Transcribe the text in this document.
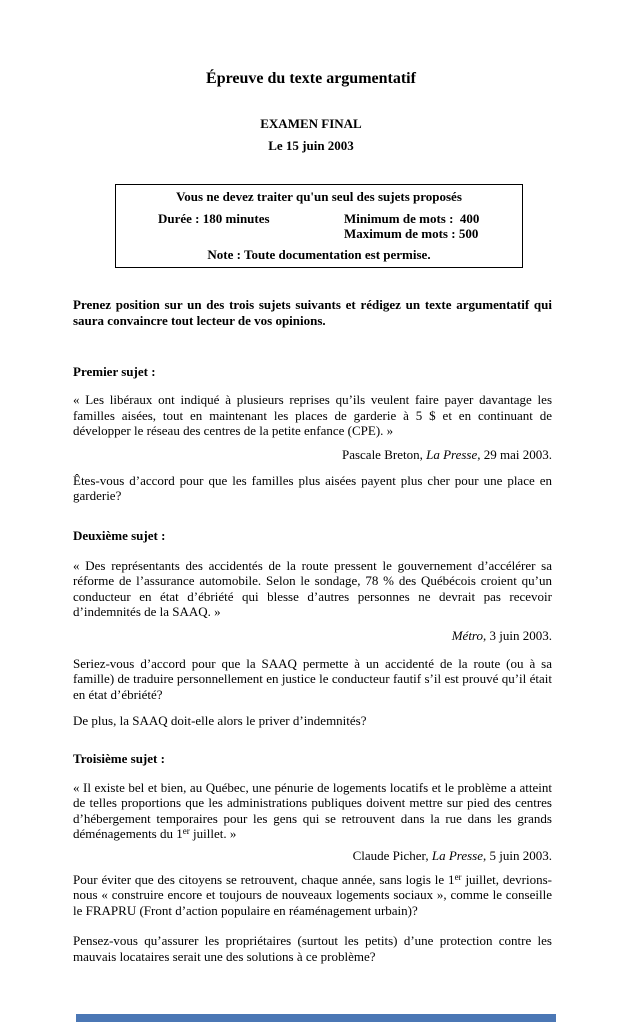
Épreuve du texte argumentatif
EXAMEN FINAL
Le 15 juin 2003
Vous ne devez traiter qu'un seul des sujets proposés
Durée : 180 minutes	Minimum de mots :  400
Maximum de mots : 500
Note : Toute documentation est permise.
Prenez position sur un des trois sujets suivants et rédigez un texte argumentatif qui saura convaincre tout lecteur de vos opinions.
Premier sujet :
« Les libéraux ont indiqué à plusieurs reprises qu’ils veulent faire payer davantage les familles aisées, tout en maintenant les places de garderie à 5 $ et en continuant de développer le réseau des centres de la petite enfance (CPE). »
Pascale Breton, La Presse, 29 mai 2003.
Êtes-vous d’accord pour que les familles plus aisées payent plus cher pour une place en garderie?
Deuxième sujet :
« Des représentants des accidentés de la route pressent le gouvernement d’accélérer sa réforme de l’assurance automobile. Selon le sondage, 78 % des Québécois croient qu’un conducteur en état d’ébriété qui blesse d’autres personnes ne devrait pas recevoir d’indemnités de la SAAQ. »
Métro, 3 juin 2003.
Seriez-vous d’accord pour que la SAAQ permette à un accidenté de la route (ou à sa famille) de traduire personnellement en justice le conducteur fautif s’il est prouvé qu’il était en état d’ébriété?
De plus, la SAAQ doit-elle alors le priver d’indemnités?
Troisième sujet :
« Il existe bel et bien, au Québec, une pénurie de logements locatifs et le problème a atteint de telles proportions que les administrations publiques doivent mettre sur pied des centres d’hébergement temporaires pour les gens qui se retrouvent dans la rue dans les grands déménagements du 1er juillet. »
Claude Picher, La Presse, 5 juin 2003.
Pour éviter que des citoyens se retrouvent, chaque année, sans logis le 1er juillet, devrions-nous « construire encore et toujours de nouveaux logements sociaux », comme le conseille le FRAPRU (Front d’action populaire en réaménagement urbain)?
Pensez-vous qu’assurer les propriétaires (surtout les petits) d’une protection contre les mauvais locataires serait une des solutions à ce problème?
